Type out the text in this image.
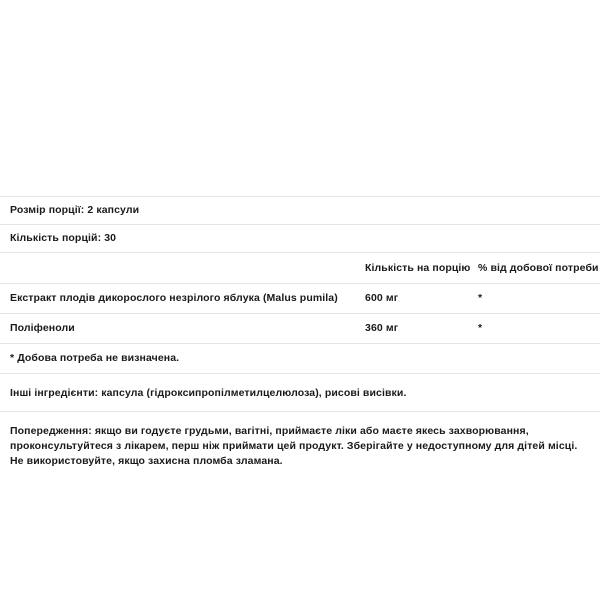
Розмір порції: 2 капсули
Кількість порцій: 30
	Кількість на порцію	% від добової потреби
Екстракт плодів дикорослого незрілого яблука (Malus pumila)	600 мг	*
Поліфеноли	360 мг	*
* Добова потреба не визначена.
Інші інгредієнти: капсула (гідроксипропілметилцелюлоза), рисові висівки.
Попередження: якщо ви годуєте грудьми, вагітні, приймаєте ліки або маєте якесь захворювання, проконсультуйтеся з лікарем, перш ніж приймати цей продукт. Зберігайте у недоступному для дітей місці. Не використовуйте, якщо захисна пломба зламана.
